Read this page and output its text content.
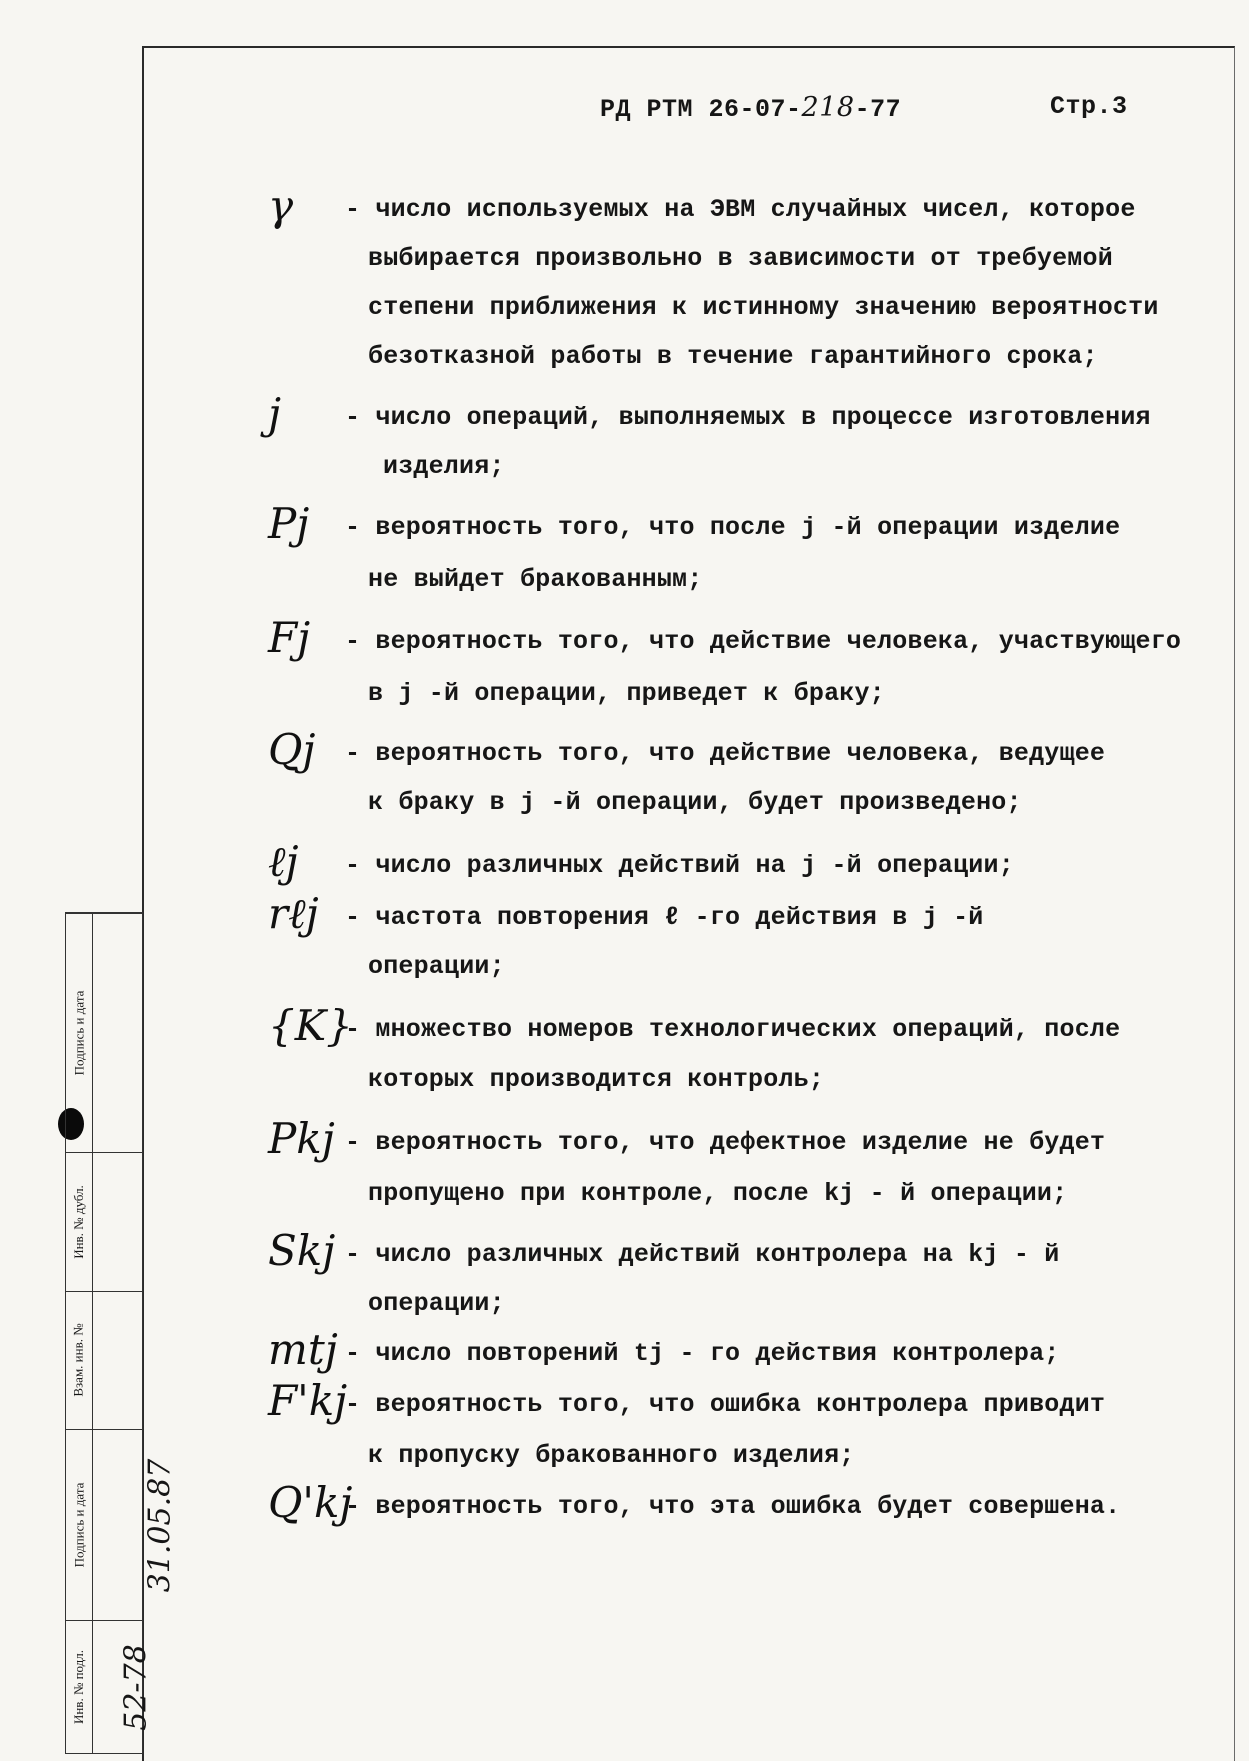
РД РТМ 26-07-218-77	Стр.3
γ - число используемых на ЭВМ случайных чисел, которое
выбирается произвольно в зависимости от требуемой
степени приближения к истинному значению вероятности
безотказной работы в течение гарантийного срока;
j	- число операций, выполняемых в процессе изготовления
изделия;
Pj - вероятность того, что после j -й операции изделие
не выйдет бракованным;
Fj - вероятность того, что действие человека, участвующего
в j -й операции, приведет к браку;
Qj - вероятность того, что действие человека, ведущее
к браку в j -й операции, будет произведено;
ℓj - число различных действий на j -й операции;
rℓj - частота повторения ℓ -го действия в j -й
операции;
{K}
- множество номеров технологических операций, после
которых производится контроль;
Pkj - вероятность того, что дефектное изделие не будет
пропущено при контроле, после kj - й операции;
Skj - число различных действий контролера на kj - й
операции;
mtj - число повторений tj - го действия контролера;
F'kj
- вероятность того, что ошибка контролера приводит
к пропуску бракованного изделия;
Q'kj
- вероятность того, что эта ошибка будет совершена.
Инв. № подл. 52-78
Подпись и дата 31.05.87
Взам. инв. №
Инв. № дубл.
Подпись и дата
